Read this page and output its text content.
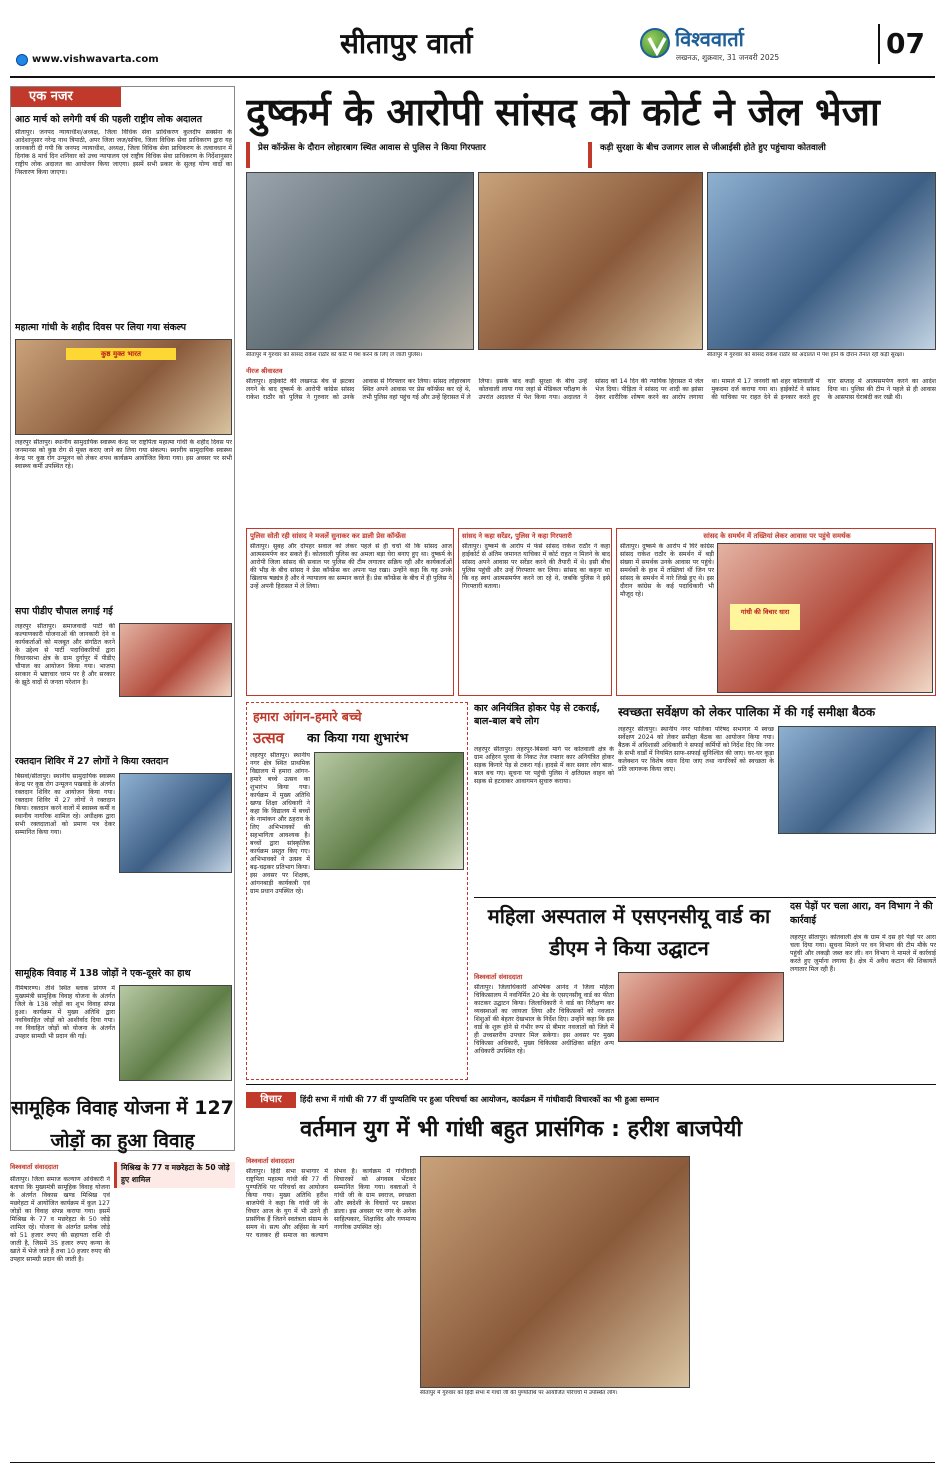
सीतापुर वार्ता	विश्ववार्ता
लखनऊ, शुक्रवार, 31 जनवरी 2025	07
www.vishwavarta.com
एक नजर
आठ मार्च को लगेगी वर्ष की पहली राष्ट्रीय लोक अदालत
सीतापुर। जनपद न्यायाधीश/अध्यक्ष, जिला विधिक सेवा प्राधिकरण कुलदीप सक्सेना के आदेशानुसार नरेन्द्र नाथ त्रिपाठी, अपर जिला जज/सचिव, जिला विधिक सेवा प्राधिकरण द्वारा यह जानकारी दी गयी कि जनपद न्यायाधीश, अध्यक्ष, जिला विधिक सेवा प्राधिकरण के तत्वावधान में दिनांक 8 मार्च दिन शनिवार को उच्च न्यायालय एवं राष्ट्रीय विधिक सेवा प्राधिकरण के निर्देशानुसार राष्ट्रीय लोक अदालत का आयोजन किया जाएगा। इसमें सभी प्रकार के सुलह योग्य वादों का निस्तारण किया जाएगा।
महात्मा गांधी के शहीद दिवस पर लिया गया संकल्प
कुष्ठ मुक्त भारत
लहरपुर सीतापुर। स्थानीय सामुदायिक स्वास्थ्य केन्द्र पर राष्ट्रपिता महात्मा गांधी के शहीद दिवस पर जनमानस को कुष्ठ रोग से मुक्त कराए जाने का लिया गया संकल्प। स्थानीय सामुदायिक स्वास्थ्य केन्द्र पर कुष्ठ रोग उन्मूलन को लेकर शपथ कार्यक्रम आयोजित किया गया। इस अवसर पर सभी स्वास्थ्य कर्मी उपस्थित रहे।
सपा पीडीए चौपाल लगाई गई
लहरपुर सीतापुर। समाजवादी पार्टी की कल्याणकारी योजनाओं की जानकारी देने व कार्यकर्ताओं को मजबूत और संगठित करने के उद्देश्य से पार्टी पदाधिकारियों द्वारा विधानसभा क्षेत्र के ग्राम दुर्गापुर में पीडीए चौपाल का आयोजन किया गया। भाजपा सरकार में भ्रष्टाचार चरम पर है और सरकार के झूठे वादों से जनता परेशान है।
रक्तदान शिविर में 27 लोगों ने किया रक्तदान
बिसवां/सीतापुर। स्थानीय सामुदायिक स्वास्थ्य केन्द्र पर कुष्ठ रोग उन्मूलन पखवाड़े के अंतर्गत रक्तदान शिविर का आयोजन किया गया। रक्तदान शिविर में 27 लोगों ने रक्तदान किया। रक्तदान करने वालों में स्वास्थ्य कर्मी व स्थानीय नागरिक शामिल रहे। अधीक्षक द्वारा सभी रक्तदाताओं को प्रमाण पत्र देकर सम्मानित किया गया।
सामूहिक विवाह में 138 जोड़ों ने एक-दूसरे का हाथ
नैमिषारण्य। तीर्थ स्थित ब्लाक प्रांगण में मुख्यमंत्री सामूहिक विवाह योजना के अंतर्गत जिले के 138 जोड़ों का शुभ विवाह संपन्न हुआ। कार्यक्रम में मुख्य अतिथि द्वारा नवविवाहित जोड़ों को आशीर्वाद दिया गया। नव विवाहित जोड़ों को योजना के अंतर्गत उपहार सामग्री भी प्रदान की गई।
दुष्कर्म के आरोपी सांसद को कोर्ट ने जेल भेजा
प्रेस कॉन्फ्रेंस के दौरान लोहारबाग स्थित आवास से पुलिस ने किया गिरफ्तार	कड़ी सुरक्षा के बीच उजागर लाल से जीआईसी होते हुए पहुंचाया कोतवाली
सीतापुर में गुरुवार को सांसद राकेश राठौर को कोर्ट में पेश करने के लिए ले जाती पुलिस।	सीतापुर में गुरुवार को सांसद राकेश राठौर को अदालत में पेश होने के दौरान तैनात रही कड़ी सुरक्षा।
नीरज श्रीवास्तव
सीतापुर। हाईकोर्ट की लखनऊ बेंच से झटका लगने के बाद दुष्कर्म के आरोपी कांग्रेस सांसद राकेश राठौर को पुलिस ने गुरुवार को उनके आवास से गिरफ्तार कर लिया। सांसद लोहारबाग स्थित अपने आवास पर प्रेस कॉन्फ्रेंस कर रहे थे, तभी पुलिस वहां पहुंच गई और उन्हें हिरासत में ले लिया। इसके बाद कड़ी सुरक्षा के बीच उन्हें कोतवाली लाया गया जहां से मेडिकल परीक्षण के उपरांत अदालत में पेश किया गया। अदालत ने सांसद को 14 दिन की न्यायिक हिरासत में जेल भेज दिया। पीड़िता ने सांसद पर शादी का झांसा देकर शारीरिक शोषण करने का आरोप लगाया था। मामले में 17 जनवरी को शहर कोतवाली में मुकदमा दर्ज कराया गया था। हाईकोर्ट ने सांसद की याचिका पर राहत देने से इनकार करते हुए चार सप्ताह में आत्मसमर्पण करने का आदेश दिया था। पुलिस की टीम ने पहले से ही आवास के आसपास घेराबंदी कर रखी थी।
पुलिस सोती रही सांसद ने मजलें सुनाकर कर डाली प्रेस कॉन्फ्रेंस
सीतापुर। सुबह और दोपहर सवाल को लेकर पहले से ही चर्चा थी कि सांसद आज आत्मसमर्पण कर सकते हैं। कोतवाली पुलिस का अमला बड़ा घेरा बनाए हुए था। दुष्कर्म के आरोपी जिला सांसद की सवाल पर पुलिस की टीम लगातार सक्रिय रही और कार्यकर्ताओं की भीड़ के बीच सांसद ने प्रेस कॉन्फ्रेंस कर अपना पक्ष रखा। उन्होंने कहा कि यह उनके खिलाफ षड्यंत्र है और वे न्यायालय का सम्मान करते हैं। प्रेस कॉन्फ्रेंस के बीच में ही पुलिस ने उन्हें अपनी हिरासत में ले लिया।
सांसद ने कहा सरेंडर, पुलिस ने कहा गिरफ्तारी
सीतापुर। दुष्कर्म के आरोप में फंसे सांसद राकेश राठौर ने कहा हाईकोर्ट से अंतिम जमानत याचिका में कोर्ट राहत न मिलने के बाद सांसद अपने आवास पर सरेंडर करने की तैयारी में थे। इसी बीच पुलिस पहुंची और उन्हें गिरफ्तार कर लिया। सांसद का कहना था कि वह स्वयं आत्मसमर्पण करने जा रहे थे, जबकि पुलिस ने इसे गिरफ्तारी बताया।
सांसद के समर्थन में तख्तियां लेकर आवास पर पहुंचे समर्थक
सीतापुर। दुष्कर्म के आरोप में घिरे कांग्रेस सांसद राकेश राठौर के समर्थन में बड़ी संख्या में समर्थक उनके आवास पर पहुंचे। समर्थकों के हाथ में तख्तियां थीं जिन पर सांसद के समर्थन में नारे लिखे हुए थे। इस दौरान कांग्रेस के कई पदाधिकारी भी मौजूद रहे।
गांधी की विचार धारा
हमारा आंगन-हमारे बच्चे
उत्सव	का किया गया शुभारंभ
लहरपुर सीतापुर। स्थानीय नगर क्षेत्र स्थित प्राथमिक विद्यालय में हमारा आंगन-हमारे बच्चे उत्सव का शुभारंभ किया गया। कार्यक्रम में मुख्य अतिथि खण्ड शिक्षा अधिकारी ने कहा कि विद्यालय में बच्चों के नामांकन और ठहराव के लिए अभिभावकों की सहभागिता आवश्यक है। बच्चों द्वारा सांस्कृतिक कार्यक्रम प्रस्तुत किए गए। अभिभावकों ने उत्सव में बढ़-चढ़कर प्रतिभाग किया। इस अवसर पर शिक्षक, आंगनबाड़ी कार्यकत्री एवं ग्राम प्रधान उपस्थित रहे।
कार अनियंत्रित होकर पेड़ से टकराई, बाल-बाल बचे लोग
लहरपुर सीतापुर। लहरपुर-बिसवां मार्ग पर कोतवाली क्षेत्र के ग्राम अहिरन पुरवा के निकट तेज रफ्तार कार अनियंत्रित होकर सड़क किनारे पेड़ से टकरा गई। हादसे में कार सवार लोग बाल-बाल बच गए। सूचना पर पहुंची पुलिस ने क्षतिग्रस्त वाहन को सड़क से हटवाकर आवागमन सुचारु कराया।
स्वच्छता सर्वेक्षण को लेकर पालिका में की गई समीक्षा बैठक
लहरपुर सीतापुर। स्थानीय नगर पालिका परिषद सभागार में स्वच्छ सर्वेक्षण 2024 को लेकर समीक्षा बैठक का आयोजन किया गया। बैठक में अधिशासी अधिकारी ने सफाई कर्मियों को निर्देश दिए कि नगर के सभी वार्डों में नियमित साफ-सफाई सुनिश्चित की जाए। घर-घर कूड़ा कलेक्शन पर विशेष ध्यान दिया जाए तथा नागरिकों को स्वच्छता के प्रति जागरूक किया जाए।
महिला अस्पताल में एसएनसीयू वार्ड का डीएम ने किया उद्घाटन
विश्ववार्ता संवाददाता
सीतापुर। जिलाधिकारी अभिषेक आनंद ने जिला महिला चिकित्सालय में नवनिर्मित 20 बेड के एसएनसीयू वार्ड का फीता काटकर उद्घाटन किया। जिलाधिकारी ने वार्ड का निरीक्षण कर व्यवस्थाओं का जायजा लिया और चिकित्सकों को नवजात शिशुओं की बेहतर देखभाल के निर्देश दिए। उन्होंने कहा कि इस वार्ड के शुरू होने से गंभीर रूप से बीमार नवजातों को जिले में ही उच्चस्तरीय उपचार मिल सकेगा। इस अवसर पर मुख्य चिकित्सा अधिकारी, मुख्य चिकित्सा अधीक्षिका सहित अन्य अधिकारी उपस्थित रहे।
दस पेड़ों पर चला आरा, वन विभाग ने की कार्रवाई
लहरपुर सीतापुर। कोतवाली क्षेत्र के ग्राम में दस हरे पेड़ों पर आरा चला दिया गया। सूचना मिलने पर वन विभाग की टीम मौके पर पहुंची और लकड़ी जब्त कर ली। वन विभाग ने मामले में कार्रवाई करते हुए जुर्माना लगाया है। क्षेत्र में अवैध कटान की शिकायतें लगातार मिल रही हैं।
विचार	हिंदी सभा में गांधी की 77 वीं पुण्यतिथि पर हुआ परिचर्चा का आयोजन, कार्यक्रम में गांधीवादी विचारकों का भी हुआ सम्मान
वर्तमान युग में भी गांधी बहुत प्रासंगिक : हरीश बाजपेयी
विश्ववार्ता संवाददाता
सीतापुर। हिंदी सभा सभागार में राष्ट्रपिता महात्मा गांधी की 77 वीं पुण्यतिथि पर परिचर्चा का आयोजन किया गया। मुख्य अतिथि हरीश बाजपेयी ने कहा कि गांधी जी के विचार आज के युग में भी उतने ही प्रासंगिक हैं जितने स्वतंत्रता संग्राम के समय थे। सत्य और अहिंसा के मार्ग पर चलकर ही समाज का कल्याण संभव है। कार्यक्रम में गांधीवादी विचारकों को अंगवस्त्र भेंटकर सम्मानित किया गया। वक्ताओं ने गांधी जी के ग्राम स्वराज, स्वच्छता और स्वदेशी के विचारों पर प्रकाश डाला। इस अवसर पर नगर के अनेक साहित्यकार, शिक्षाविद और गणमान्य नागरिक उपस्थित रहे।
सीतापुर में गुरुवार को हिंदी सभा में गांधी जी की पुण्यतिथि पर आयोजित परिचर्चा में उपस्थित लोग।
सामूहिक विवाह योजना में 127 जोड़ों का हुआ विवाह
विश्ववार्ता संवाददाता	मिश्रिख के 77 व मछरेहटा के 50 जोड़े हुए शामिल
सीतापुर। जिला समाज कल्याण अधिकारी ने बताया कि मुख्यमंत्री सामूहिक विवाह योजना के अंतर्गत विकास खण्ड मिश्रिख एवं मछरेहटा में आयोजित कार्यक्रम में कुल 127 जोड़ों का विवाह संपन्न कराया गया। इसमें मिश्रिख के 77 व मछरेहटा के 50 जोड़े शामिल रहे। योजना के अंतर्गत प्रत्येक जोड़े को 51 हजार रुपए की सहायता राशि दी जाती है, जिसमें 35 हजार रुपए कन्या के खाते में भेजे जाते हैं तथा 10 हजार रुपए की उपहार सामग्री प्रदान की जाती है।
